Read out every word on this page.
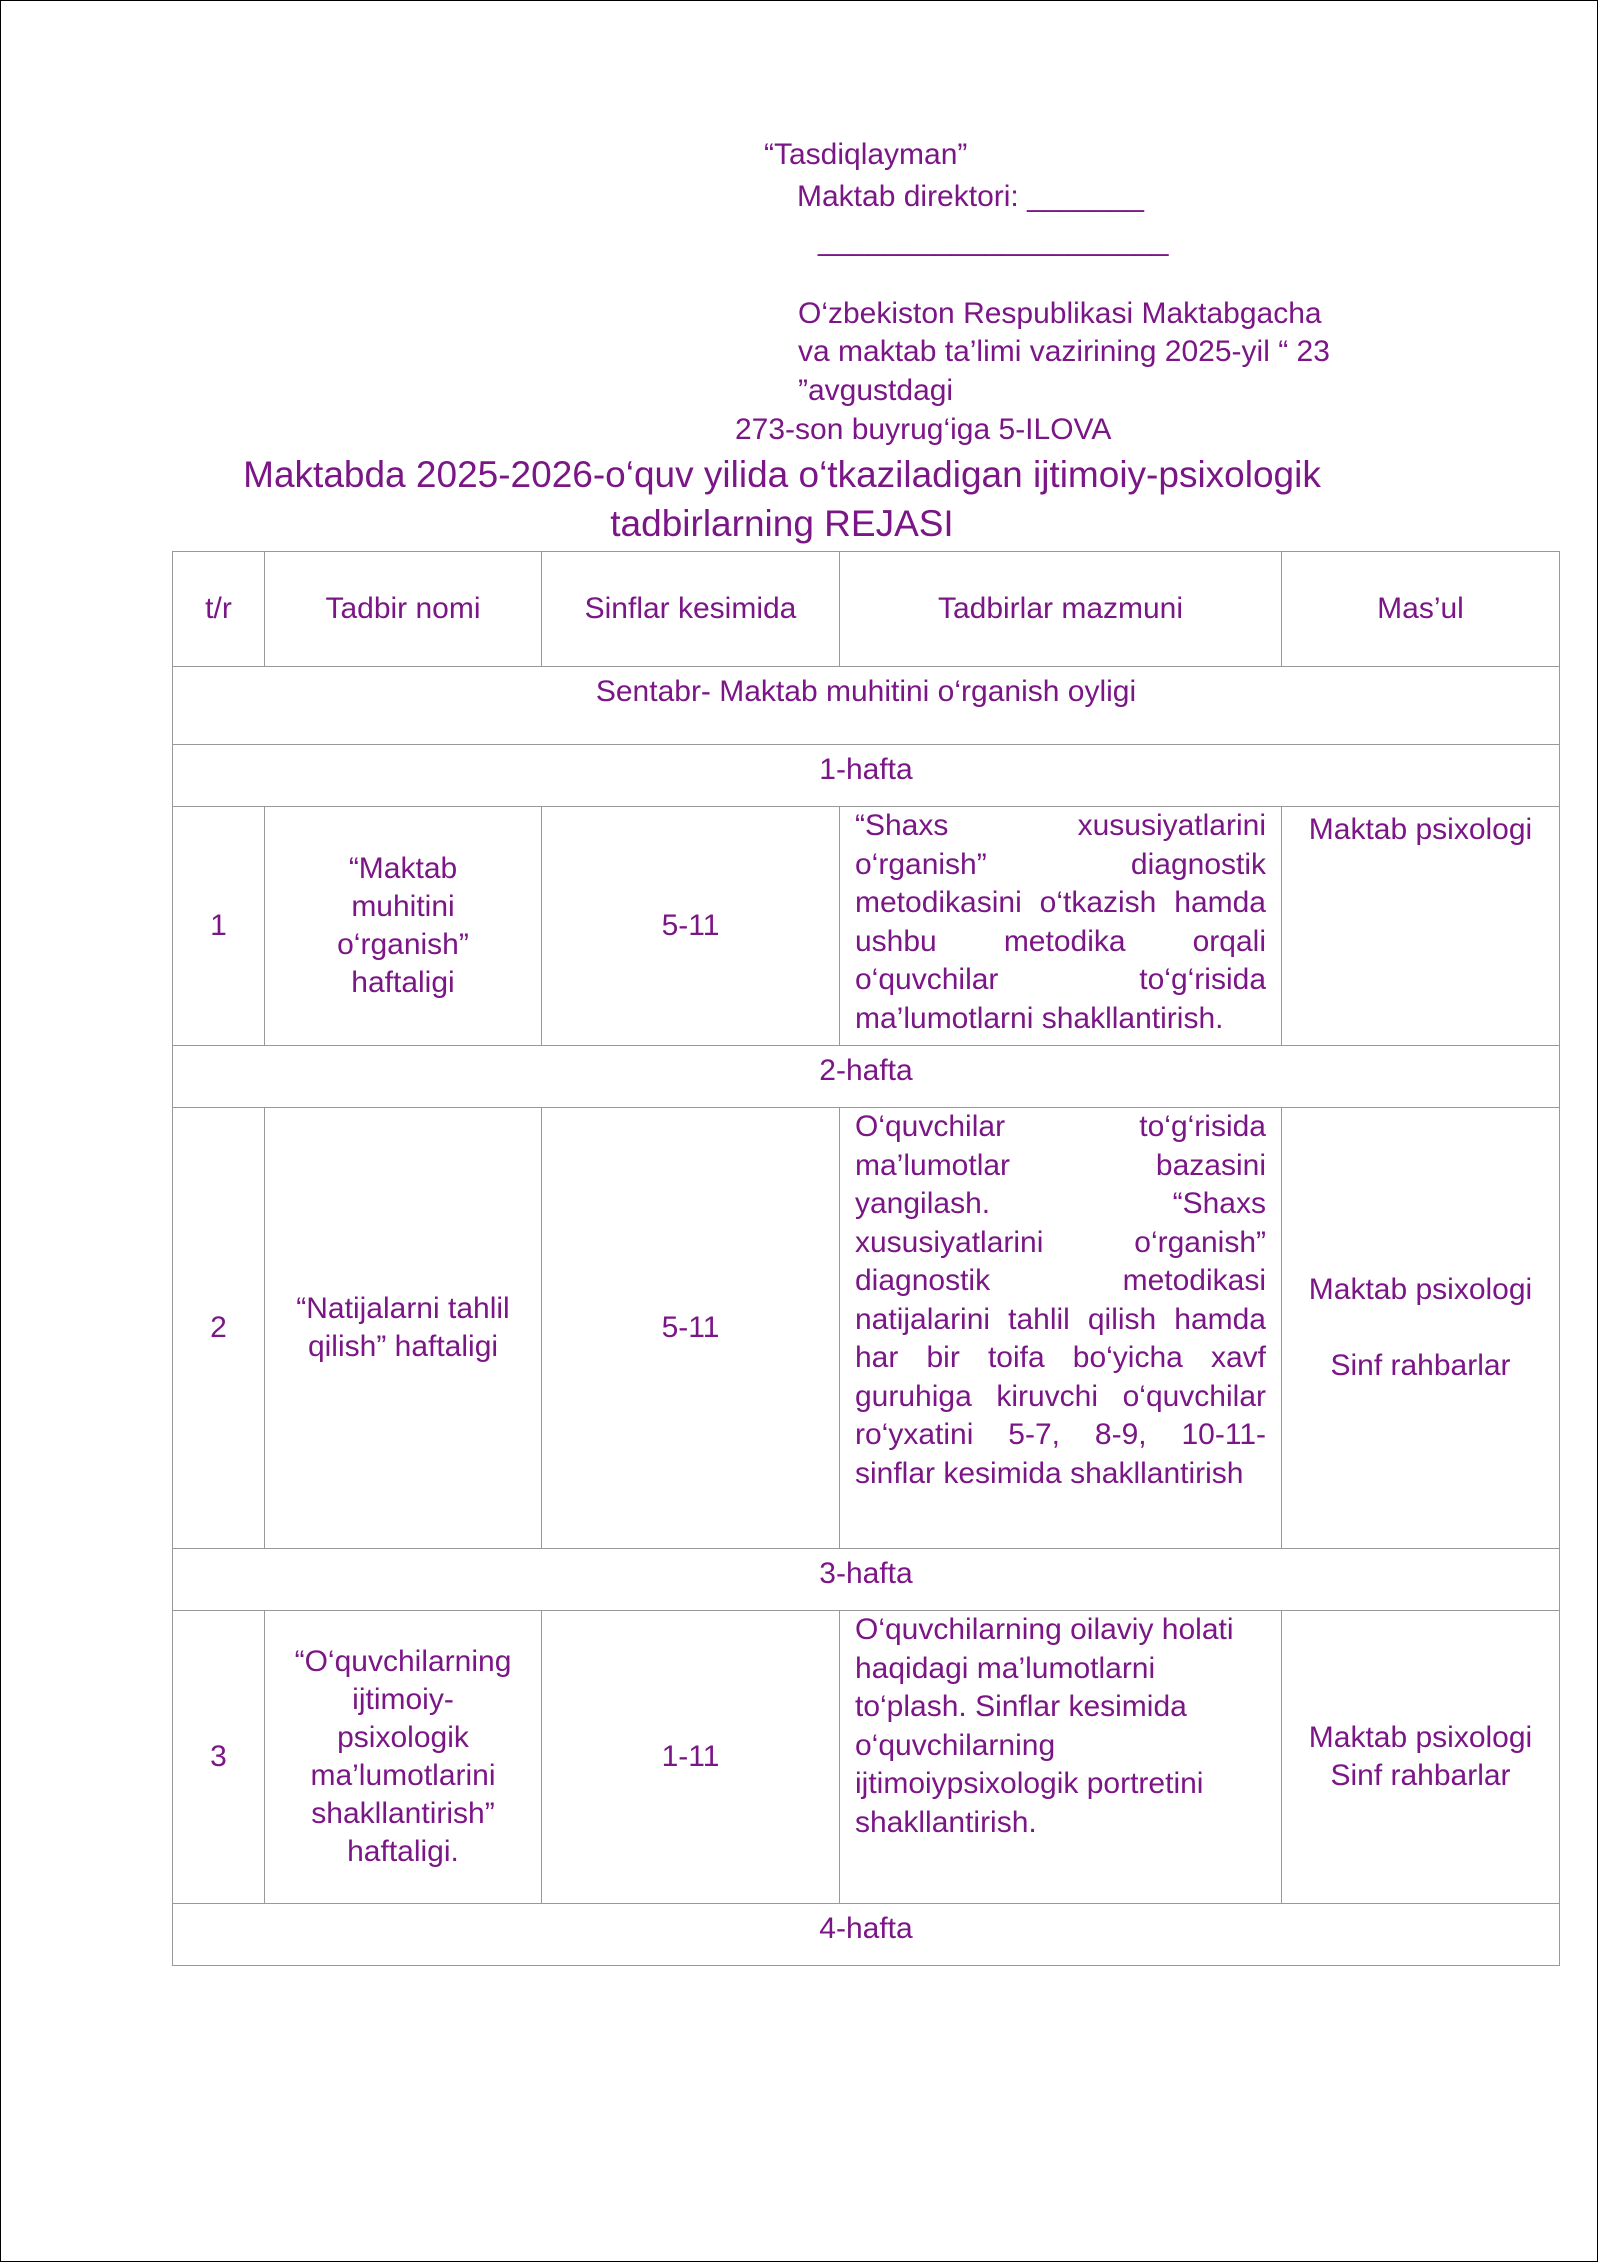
“Tasdiqlayman”
Maktab direktori: _______
_____________________
O‘zbekiston Respublikasi Maktabgacha
va maktab ta’limi vazirining 2025-yil “ 23
”avgustdagi
273-son buyrug‘iga 5-ILOVA
Maktabda 2025-2026-o‘quv yilida o‘tkaziladigan ijtimoiy-psixologik
tadbirlarning REJASI
t/r	Tadbir nomi	Sinflar kesimida	Tadbirlar mazmuni	Mas’ul
Sentabr- Maktab muhitini o‘rganish oyligi				
1-hafta				
1	“Maktab muhitini o‘rganish” haftaligi	5-11	“Shaxs xususiyatlarini o‘rganish” diagnostik metodikasini o‘tkazish hamda ushbu metodika orqali o‘quvchilar to‘g‘risida ma’lumotlarni shakllantirish.	Maktab psixologi
2-hafta				
2	“Natijalarni tahlil qilish” haftaligi	5-11	O‘quvchilar to‘g‘risida ma’lumotlar bazasini yangilash. “Shaxs xususiyatlarini o‘rganish” diagnostik metodikasi natijalarini tahlil qilish hamda har bir toifa bo‘yicha xavf guruhiga kiruvchi o‘quvchilar ro‘yxatini 5-7, 8-9, 10-11-sinflar kesimida shakllantirish	Maktab psixologi
Sinf rahbarlar

3-hafta				
3	“O‘quvchilarning ijtimoiy-psixologik ma’lumotlarini shakllantirish” haftaligi.	1-11	O‘quvchilarning oilaviy holati haqidagi ma’lumotlarni to‘plash. Sinflar kesimida o‘quvchilarning ijtimoiypsixologik portretini shakllantirish.	Maktab psixologi
Sinf rahbarlar

4-hafta				
